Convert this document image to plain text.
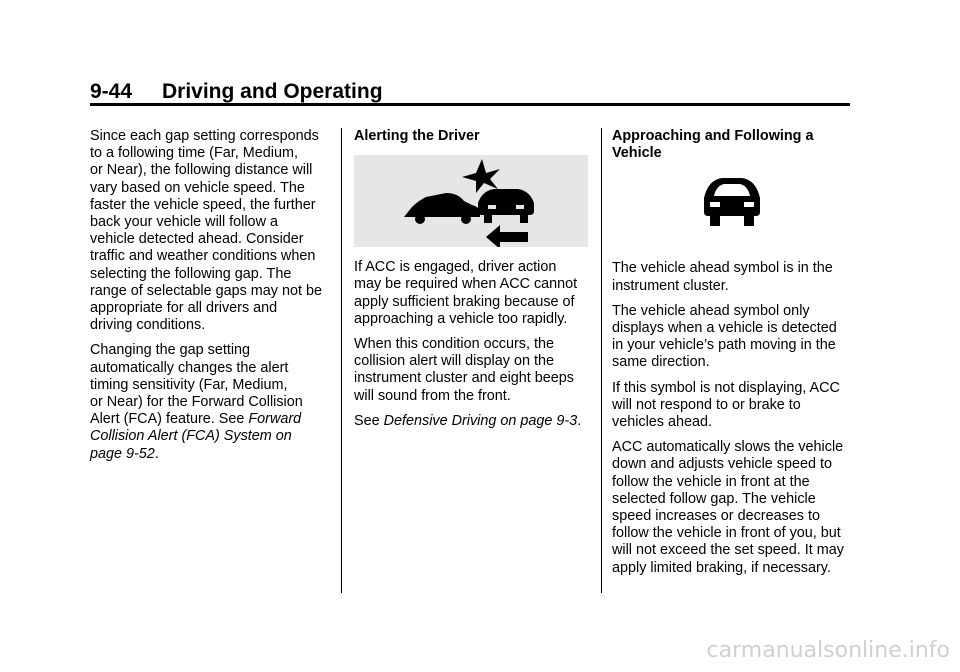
9-44 Driving and Operating

Since each gap setting corresponds
to a following time (Far, Medium,
or Near), the following distance will
vary based on vehicle speed. The
faster the vehicle speed, the further
back your vehicle will follow a
vehicle detected ahead. Consider
traffic and weather conditions when
selecting the following gap. The
range of selectable gaps may not be
appropriate for all drivers and
driving conditions.

Changing the gap setting
automatically changes the alert
timing sensitivity (Far, Medium,
or Near) for the Forward Collision
Alert (FCA) feature. See Forward
Collision Alert (FCA) System on
page 9-52.

Alerting the Driver

If ACC is engaged, driver action
may be required when ACC cannot
apply sufficient braking because of
approaching a vehicle too rapidly.

When this condition occurs, the
collision alert will display on the
instrument cluster and eight beeps
will sound from the front.

See Defensive Driving on page 9-3.

Approaching and Following a
Vehicle

The vehicle ahead symbol is in the
instrument cluster.

The vehicle ahead symbol only
displays when a vehicle is detected
in your vehicle’s path moving in the
same direction.

If this symbol is not displaying, ACC
will not respond to or brake to
vehicles ahead.

ACC automatically slows the vehicle
down and adjusts vehicle speed to
follow the vehicle in front at the
selected follow gap. The vehicle
speed increases or decreases to
follow the vehicle in front of you, but
will not exceed the set speed. It may
apply limited braking, if necessary.

carmanualsonline.info
